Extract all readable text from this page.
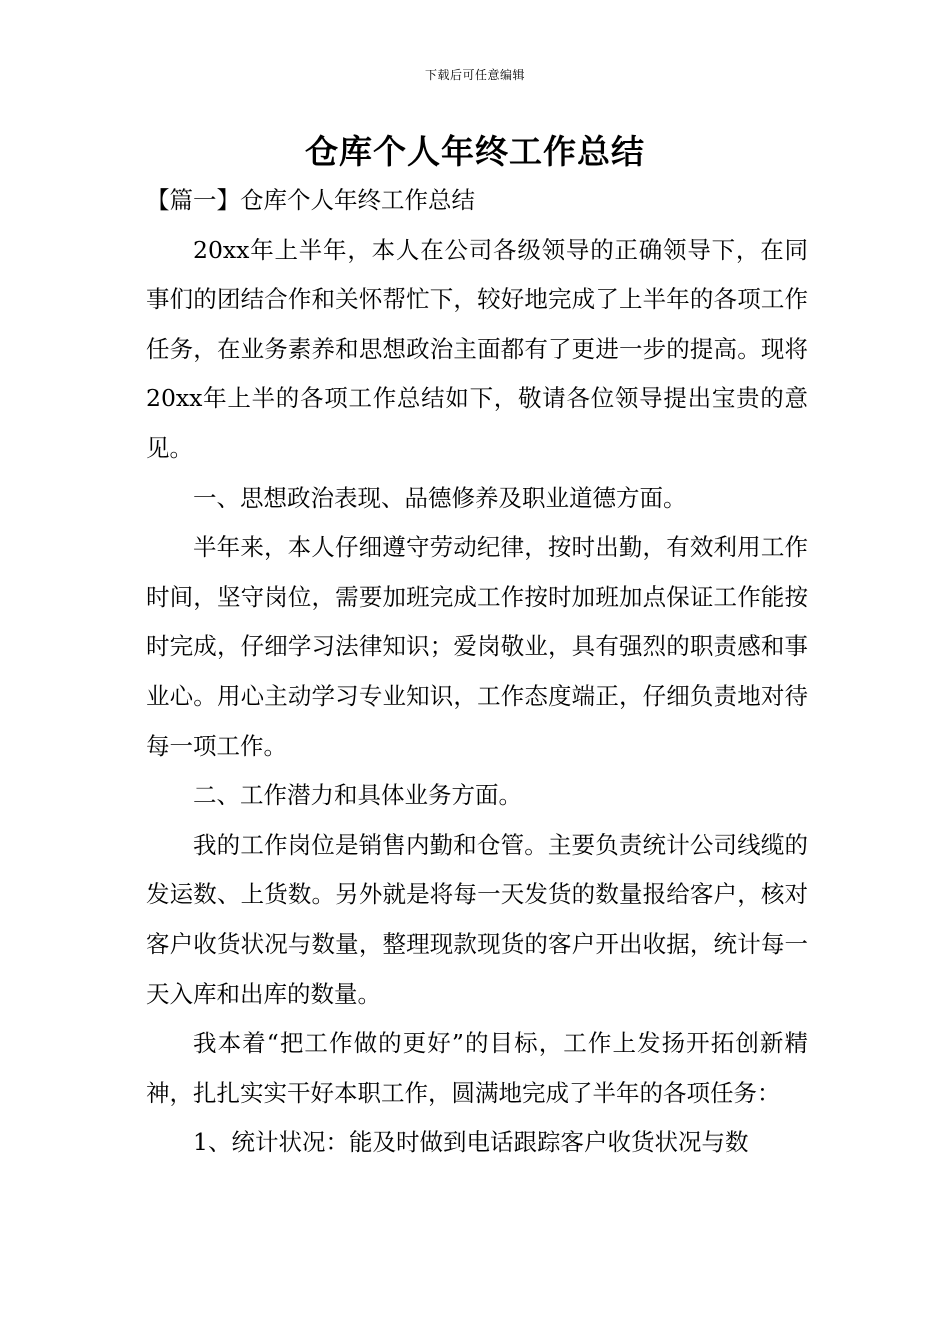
下载后可任意编辑
仓库个人年终工作总结

【篇一】仓库个人年终工作总结

20xx年上半年，本人在公司各级领导的正确领导下，在同事们的团结合作和关怀帮忙下，较好地完成了上半年的各项工作任务，在业务素养和思想政治主面都有了更进一步的提高。现将20xx年上半的各项工作总结如下，敬请各位领导提出宝贵的意见。

一、思想政治表现、品德修养及职业道德方面。

半年来，本人仔细遵守劳动纪律，按时出勤，有效利用工作时间，坚守岗位，需要加班完成工作按时加班加点保证工作能按时完成，仔细学习法律知识；爱岗敬业，具有强烈的职责感和事业心。用心主动学习专业知识，工作态度端正，仔细负责地对待每一项工作。

二、工作潜力和具体业务方面。

我的工作岗位是销售内勤和仓管。主要负责统计公司线缆的发运数、上货数。另外就是将每一天发货的数量报给客户，核对客户收货状况与数量，整理现款现货的客户开出收据，统计每一天入库和出库的数量。

我本着“把工作做的更好”的目标，工作上发扬开拓创新精神，扎扎实实干好本职工作，圆满地完成了半年的各项任务：

1、统计状况：能及时做到电话跟踪客户收货状况与数
